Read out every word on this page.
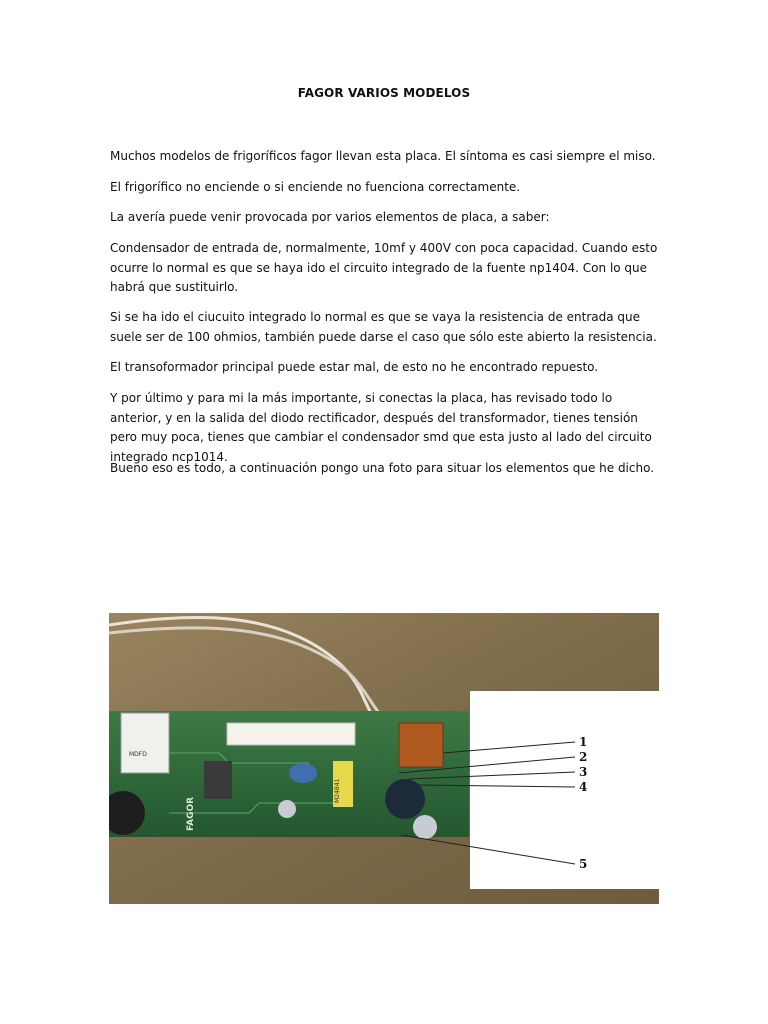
FAGOR VARIOS MODELOS

Muchos modelos de frigoríficos fagor llevan esta placa. El síntoma es casi siempre el miso.

El frigorífico no enciende o si enciende no fuenciona correctamente.

La avería puede venir provocada por varios elementos de placa, a saber:

Condensador de entrada de, normalmente, 10mf y 400V con poca capacidad. Cuando esto ocurre lo normal es que se haya ido el circuito integrado de la fuente np1404. Con lo que habrá que sustituirlo.

Si se ha ido el ciucuito integrado lo normal es que se vaya la resistencia de entrada que suele ser de 100 ohmios, también puede darse el caso que sólo este abierto la resistencia.

El transoformador principal puede estar mal, de esto no he encontrado repuesto.

Y por último y para mi la más importante, si conectas la placa, has revisado todo lo anterior, y en la salida del diodo rectificador, después del transformador, tienes tensión pero muy poca, tienes que cambiar el condensador smd que esta justo al lado del circuito integrado ncp1014.

Bueno eso es todo, a continuación pongo una foto para situar los elementos que he dicho.

MDFD
M24B41
FAGOR
1
2
3
4
5
